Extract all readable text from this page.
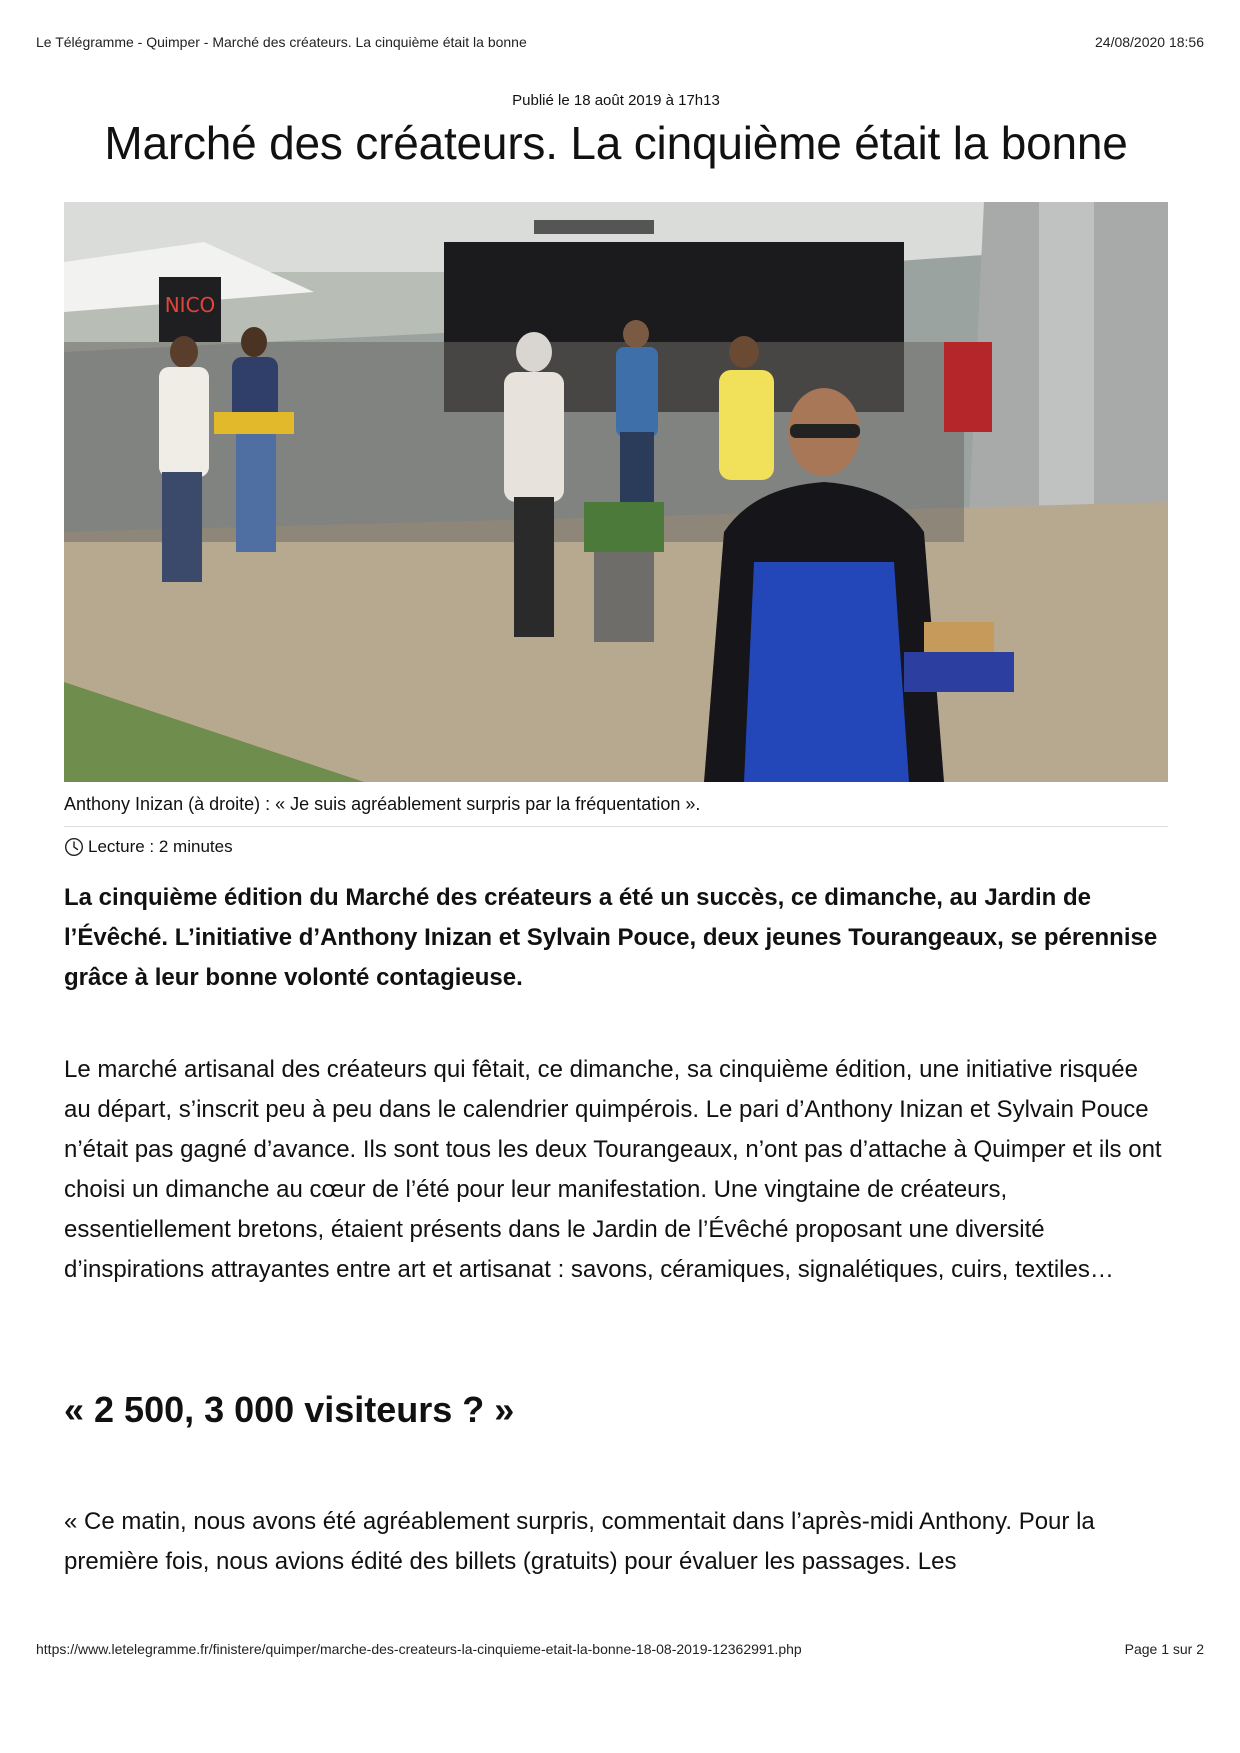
Le Télégramme - Quimper - Marché des créateurs. La cinquième était la bonne	24/08/2020 18:56
Publié le 18 août 2019 à 17h13
Marché des créateurs. La cinquième était la bonne
NICO
Anthony Inizan (à droite) : « Je suis agréablement surpris par la fréquentation ».
Lecture : 2 minutes

La cinquième édition du Marché des créateurs a été un succès, ce dimanche, au Jardin de l’Évêché. L’initiative d’Anthony Inizan et Sylvain Pouce, deux jeunes Tourangeaux, se pérennise grâce à leur bonne volonté contagieuse.

Le marché artisanal des créateurs qui fêtait, ce dimanche, sa cinquième édition, une initiative risquée au départ, s’inscrit peu à peu dans le calendrier quimpérois. Le pari d’Anthony Inizan et Sylvain Pouce n’était pas gagné d’avance. Ils sont tous les deux Tourangeaux, n’ont pas d’attache à Quimper et ils ont choisi un dimanche au cœur de l’été pour leur manifestation. Une vingtaine de créateurs, essentiellement bretons, étaient présents dans le Jardin de l’Évêché proposant une diversité d’inspirations attrayantes entre art et artisanat : savons, céramiques, signalétiques, cuirs, textiles…

« 2 500, 3 000 visiteurs ? »

« Ce matin, nous avons été agréablement surpris, commentait dans l’après-midi Anthony. Pour la première fois, nous avions édité des billets (gratuits) pour évaluer les passages. Les

https://www.letelegramme.fr/finistere/quimper/marche-des-createurs-la-cinquieme-etait-la-bonne-18-08-2019-12362991.php	Page 1 sur 2
